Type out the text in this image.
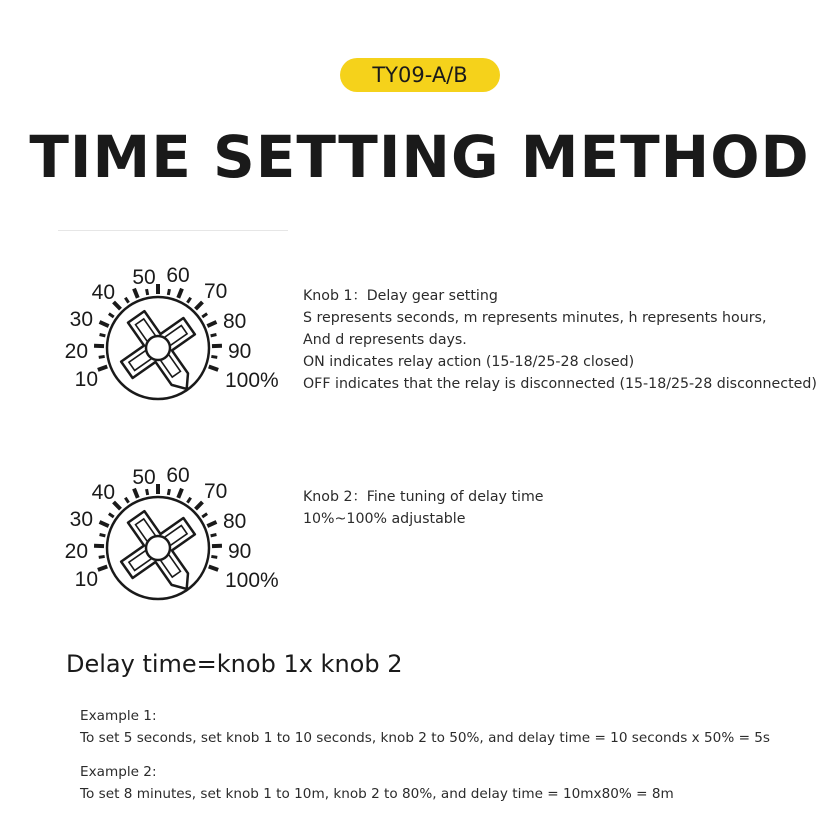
TY09-A/B
TIME SETTING METHOD
10
20
30
40
50 60
70
80
90
100%
Knob 1：Delay gear setting
S represents seconds, m represents minutes, h represents hours,
And d represents days.
ON indicates relay action (15-18/25-28 closed)
OFF indicates that the relay is disconnected (15-18/25-28 disconnected)
10
20
30
40
50 60
70
80
90
100%
Knob 2：Fine tuning of delay time
10%~100% adjustable
Delay time=knob 1x knob 2
Example 1:
To set 5 seconds, set knob 1 to 10 seconds, knob 2 to 50%, and delay time = 10 seconds x 50% = 5s
Example 2:
To set 8 minutes, set knob 1 to 10m, knob 2 to 80%, and delay time = 10mx80% = 8m
